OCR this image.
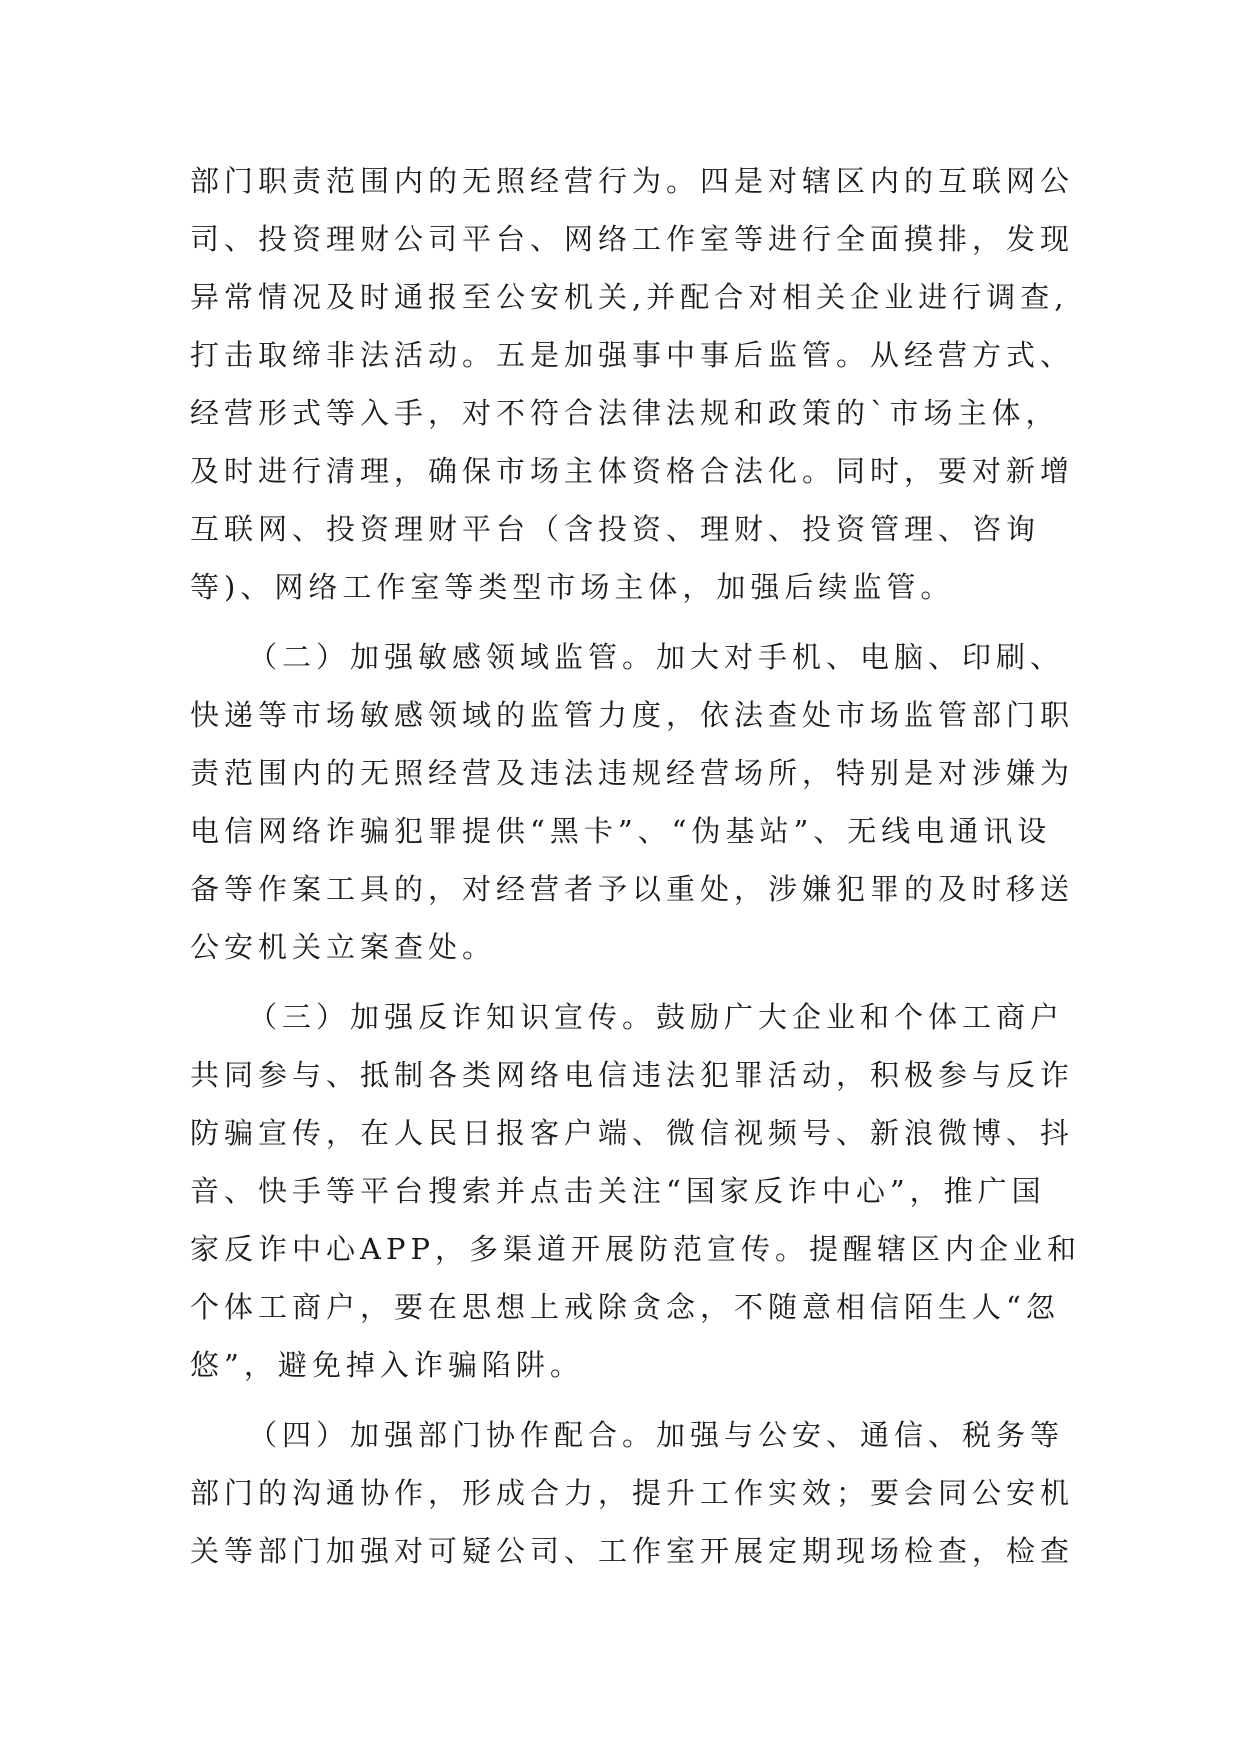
部门职责范围内的无照经营行为。四是对辖区内的互联网公
司、投资理财公司平台、网络工作室等进行全面摸排，发现
异常情况及时通报至公安机关,并配合对相关企业进行调查,
打击取缔非法活动。五是加强事中事后监管。从经营方式、
经营形式等入手，对不符合法律法规和政策的`市场主体，
及时进行清理，确保市场主体资格合法化。同时，要对新增
互联网、投资理财平台（含投资、理财、投资管理、咨询
等)、网络工作室等类型市场主体，加强后续监管。
（二）加强敏感领域监管。加大对手机、电脑、印刷、
快递等市场敏感领域的监管力度，依法查处市场监管部门职
责范围内的无照经营及违法违规经营场所，特别是对涉嫌为
电信网络诈骗犯罪提供“黑卡”、“伪基站”、无线电通讯设
备等作案工具的，对经营者予以重处，涉嫌犯罪的及时移送
公安机关立案查处。
（三）加强反诈知识宣传。鼓励广大企业和个体工商户
共同参与、抵制各类网络电信违法犯罪活动，积极参与反诈
防骗宣传，在人民日报客户端、微信视频号、新浪微博、抖
音、快手等平台搜索并点击关注“国家反诈中心”，推广国
家反诈中心APP，多渠道开展防范宣传。提醒辖区内企业和
个体工商户，要在思想上戒除贪念，不随意相信陌生人“忽
悠”，避免掉入诈骗陷阱。
（四）加强部门协作配合。加强与公安、通信、税务等
部门的沟通协作，形成合力，提升工作实效；要会同公安机
关等部门加强对可疑公司、工作室开展定期现场检查，检查
